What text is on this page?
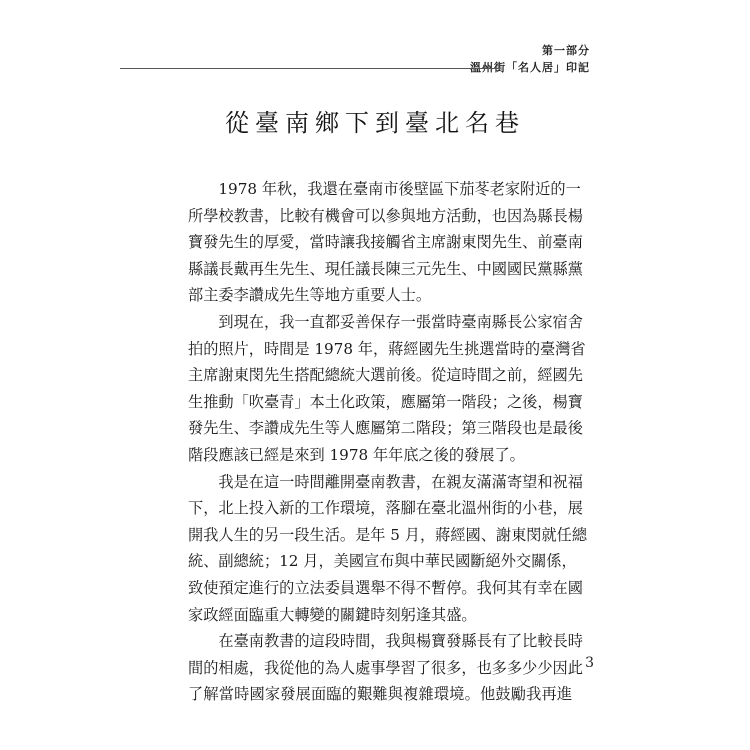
第一部分
溫州街「名人居」印記
從臺南鄉下到臺北名巷

1978 年秋，我還在臺南市後壁區下茄苳老家附近的一
所學校教書，比較有機會可以參與地方活動，也因為縣長楊
寶發先生的厚愛，當時讓我接觸省主席謝東閔先生、前臺南
縣議長戴再生先生、現任議長陳三元先生、中國國民黨縣黨
部主委李讚成先生等地方重要人士。

到現在，我一直都妥善保存一張當時臺南縣長公家宿舍
拍的照片，時間是 1978 年，蔣經國先生挑選當時的臺灣省
主席謝東閔先生搭配總統大選前後。從這時間之前，經國先
生推動「吹臺青」本土化政策，應屬第一階段；之後，楊寶
發先生、李讚成先生等人應屬第二階段；第三階段也是最後
階段應該已經是來到 1978 年年底之後的發展了。

我是在這一時間離開臺南教書，在親友滿滿寄望和祝福
下，北上投入新的工作環境，落腳在臺北溫州街的小巷，展
開我人生的另一段生活。是年 5 月，蔣經國、謝東閔就任總
統、副總統；12 月，美國宣布與中華民國斷絕外交關係，
致使預定進行的立法委員選舉不得不暫停。我何其有幸在國
家政經面臨重大轉變的關鍵時刻躬逢其盛。

在臺南教書的這段時間，我與楊寶發縣長有了比較長時
間的相處，我從他的為人處事學習了很多，也多多少少因此
了解當時國家發展面臨的艱難與複雜環境。他鼓勵我再進

3
